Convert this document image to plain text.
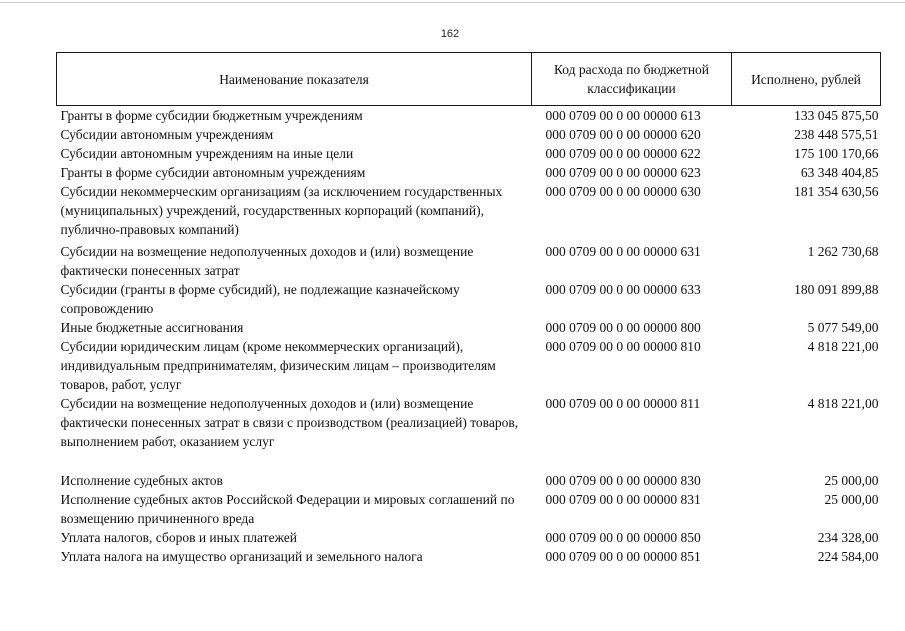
162
Наименование показателя	Код расхода по бюджетной классификации	Исполнено, рублей
Гранты в форме субсидии бюджетным учреждениям	000 0709 00 0 00 00000 613	133 045 875,50
Субсидии автономным учреждениям	000 0709 00 0 00 00000 620	238 448 575,51
Субсидии автономным учреждениям на иные цели	000 0709 00 0 00 00000 622	175 100 170,66
Гранты в форме субсидии автономным учреждениям	000 0709 00 0 00 00000 623	63 348 404,85
Субсидии некоммерческим организациям (за исключением государственных (муниципальных) учреждений, государственных корпораций (компаний), публично-правовых компаний)	000 0709 00 0 00 00000 630	181 354 630,56
Субсидии на возмещение недополученных доходов и (или) возмещение фактически понесенных затрат	000 0709 00 0 00 00000 631	1 262 730,68
Субсидии (гранты в форме субсидий), не подлежащие казначейскому сопровождению	000 0709 00 0 00 00000 633	180 091 899,88
Иные бюджетные ассигнования	000 0709 00 0 00 00000 800	5 077 549,00
Субсидии юридическим лицам (кроме некоммерческих организаций), индивидуальным предпринимателям, физическим лицам – производителям товаров, работ, услуг	000 0709 00 0 00 00000 810	4 818 221,00
Субсидии на возмещение недополученных доходов и (или) возмещение фактически понесенных затрат в связи с производством (реализацией) товаров, выполнением работ, оказанием услуг	000 0709 00 0 00 00000 811	4 818 221,00

Исполнение судебных актов	000 0709 00 0 00 00000 830	25 000,00
Исполнение судебных актов Российской Федерации и мировых соглашений по возмещению причиненного вреда	000 0709 00 0 00 00000 831	25 000,00
Уплата налогов, сборов и иных платежей	000 0709 00 0 00 00000 850	234 328,00
Уплата налога на имущество организаций и земельного налога	000 0709 00 0 00 00000 851	224 584,00
